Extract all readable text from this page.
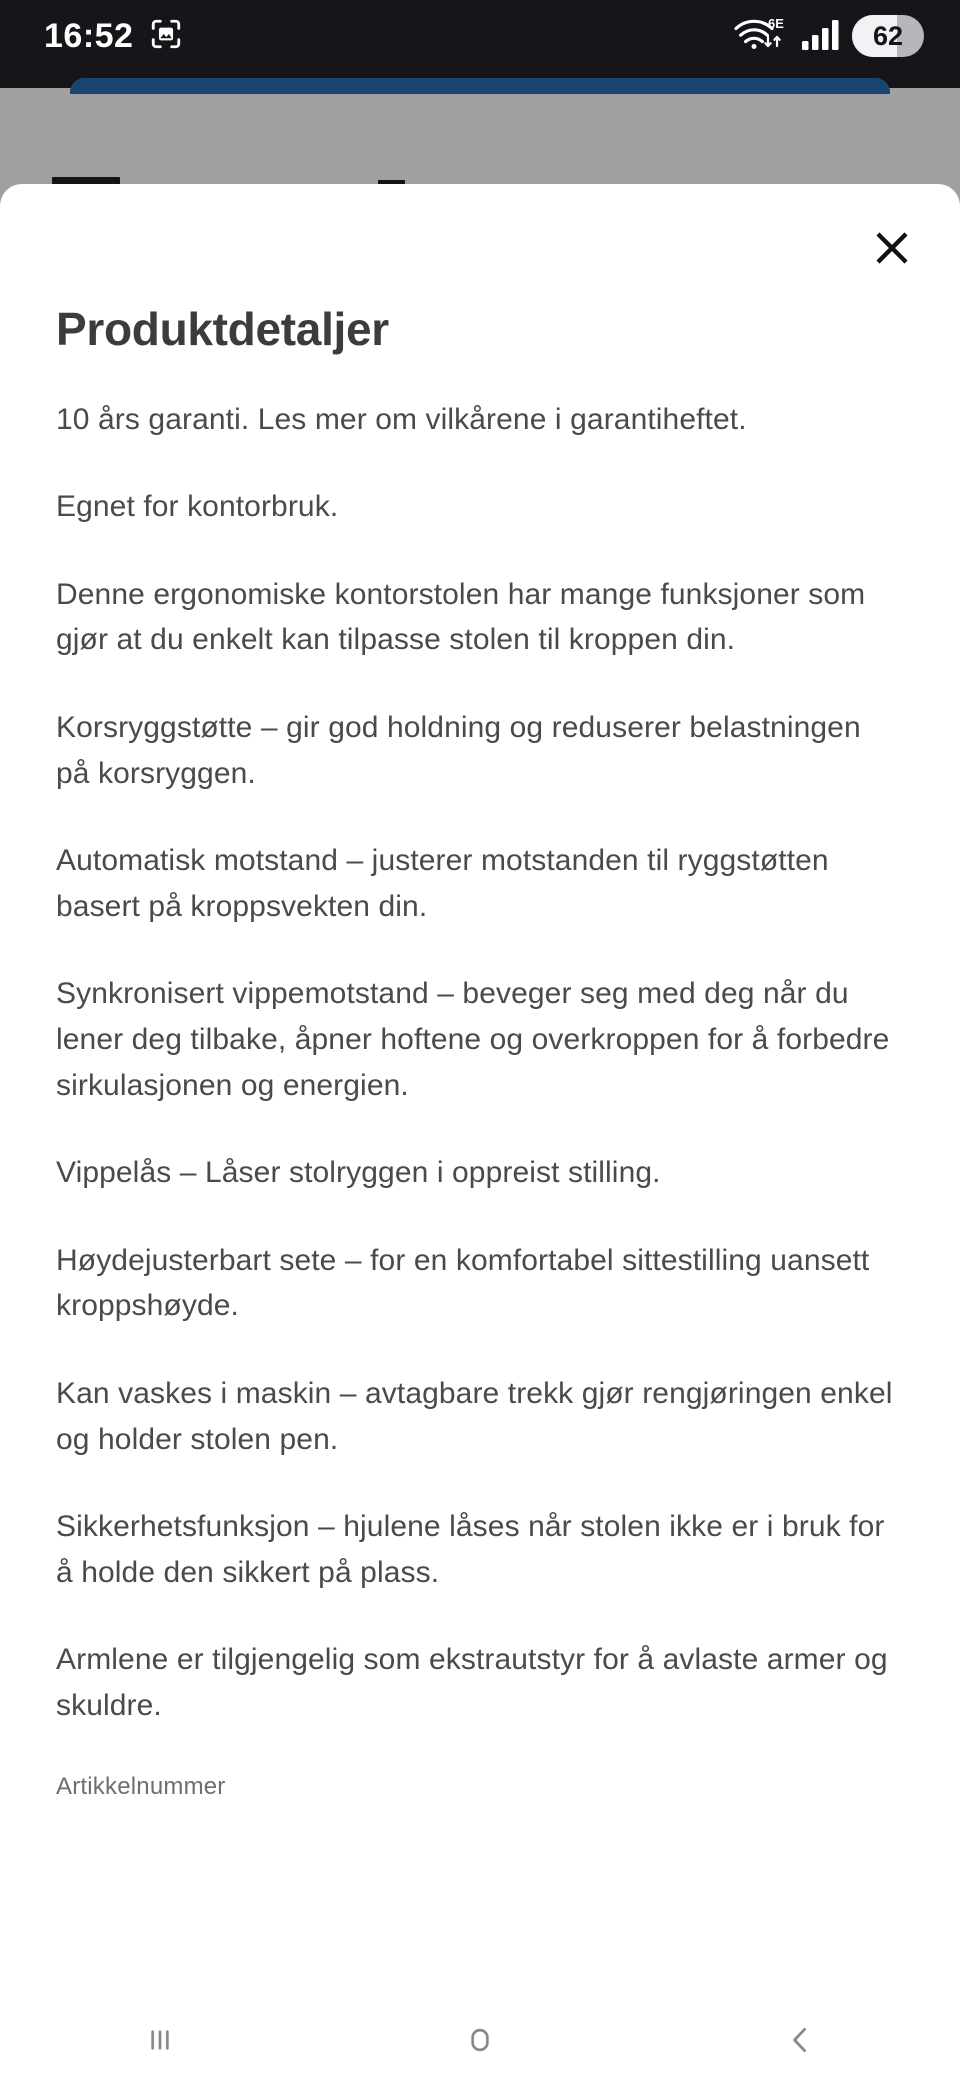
16:52	6E	62
Produktdetaljer

10 års garanti. Les mer om vilkårene i garantiheftet.

Egnet for kontorbruk.

Denne ergonomiske kontorstolen har mange funksjoner som gjør at du enkelt kan tilpasse stolen til kroppen din.

Korsryggstøtte – gir god holdning og reduserer belastningen på korsryggen.

Automatisk motstand – justerer motstanden til ryggstøtten basert på kroppsvekten din.

Synkronisert vippemotstand – beveger seg med deg når du lener deg tilbake, åpner hoftene og overkroppen for å forbedre sirkulasjonen og energien.

Vippelås – Låser stolryggen i oppreist stilling.

Høydejusterbart sete – for en komfortabel sittestilling uansett kroppshøyde.

Kan vaskes i maskin – avtagbare trekk gjør rengjøringen enkel og holder stolen pen.

Sikkerhetsfunksjon – hjulene låses når stolen ikke er i bruk for å holde den sikkert på plass.

Armlene er tilgjengelig som ekstrautstyr for å avlaste armer og skuldre.

Artikkelnummer
